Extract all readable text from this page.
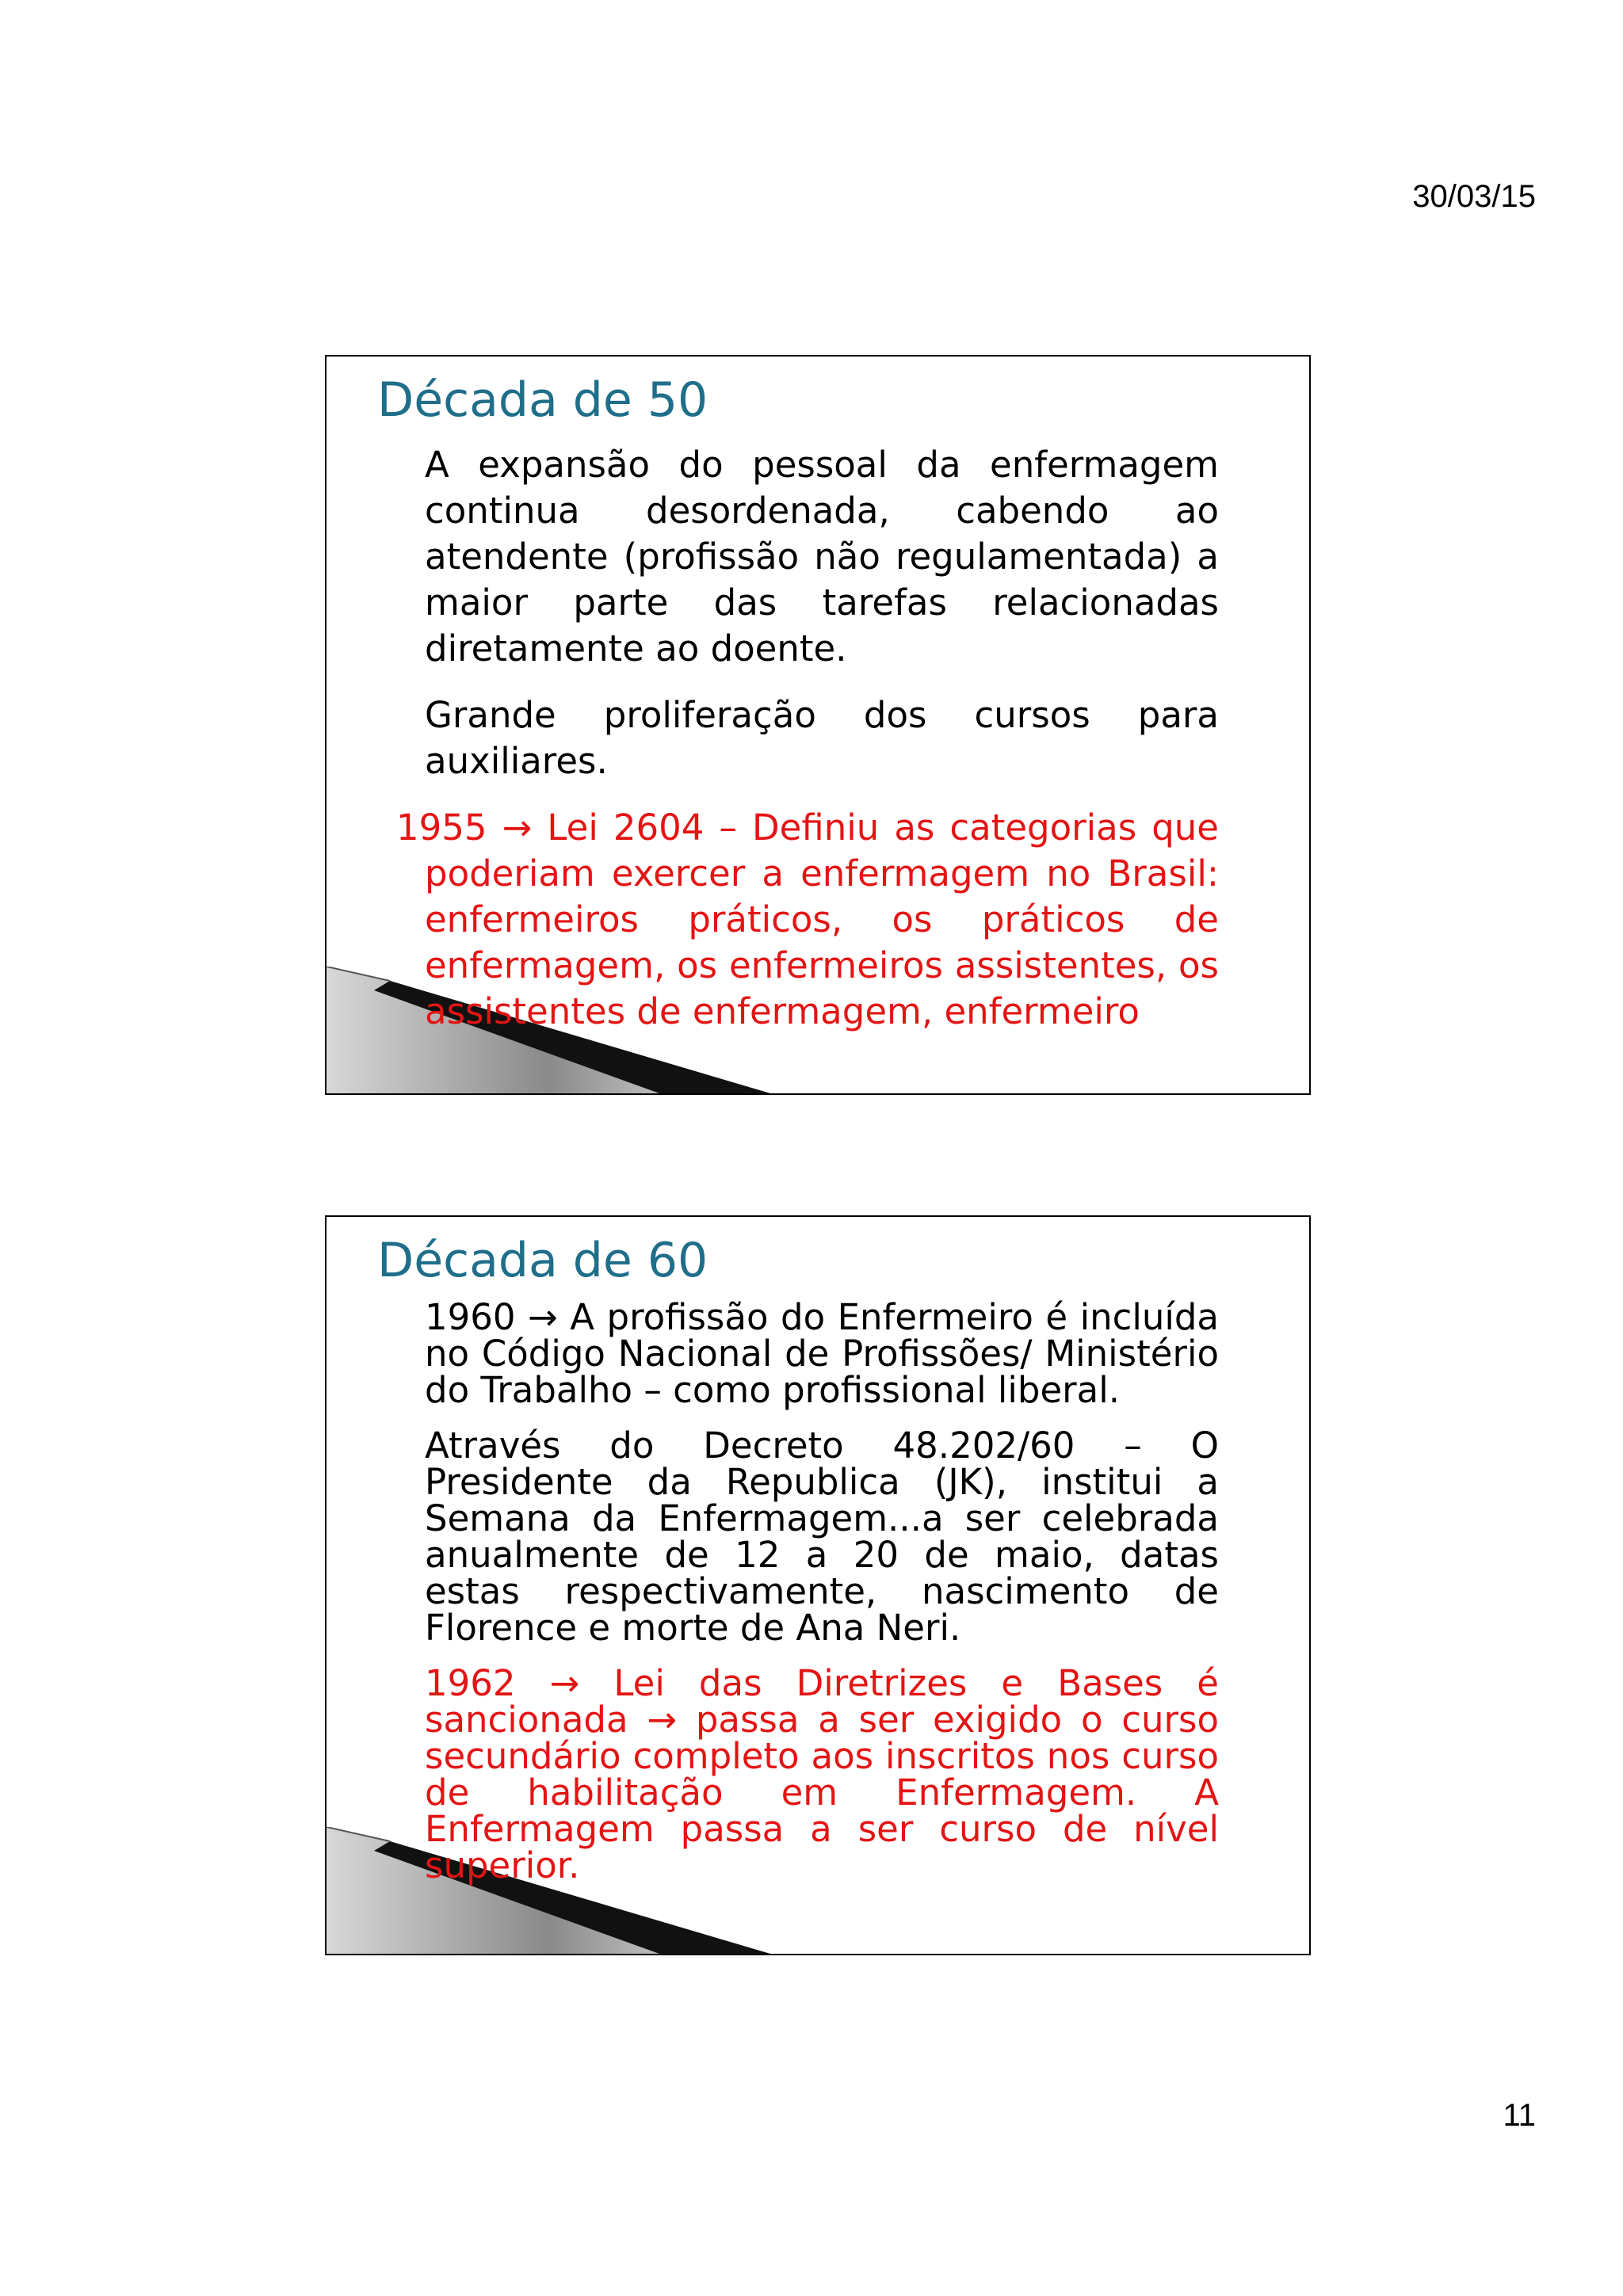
30/03/15
Década de 50

A expansão do pessoal da enfermagem continua desordenada, cabendo ao atendente (profissão não regulamentada) a maior parte das tarefas relacionadas diretamente ao doente.

Grande proliferação dos cursos para auxiliares.

1955 → Lei 2604 – Definiu as categorias que poderiam exercer a enfermagem no Brasil: enfermeiros práticos, os práticos de enfermagem, os enfermeiros assistentes, os assistentes de enfermagem, enfermeiro

Década de 60

1960 → A profissão do Enfermeiro é incluída no Código Nacional de Profissões/ Ministério do Trabalho – como profissional liberal.

Através do Decreto 48.202/60 – O Presidente da Republica (JK), institui a Semana da Enfermagem...a ser celebrada anualmente de 12 a 20 de maio, datas estas respectivamente, nascimento de Florence e morte de Ana Neri.

1962 → Lei das Diretrizes e Bases é sancionada → passa a ser exigido o curso secundário completo aos inscritos nos curso de habilitação em Enfermagem. A Enfermagem passa a ser curso de nível superior.

11
